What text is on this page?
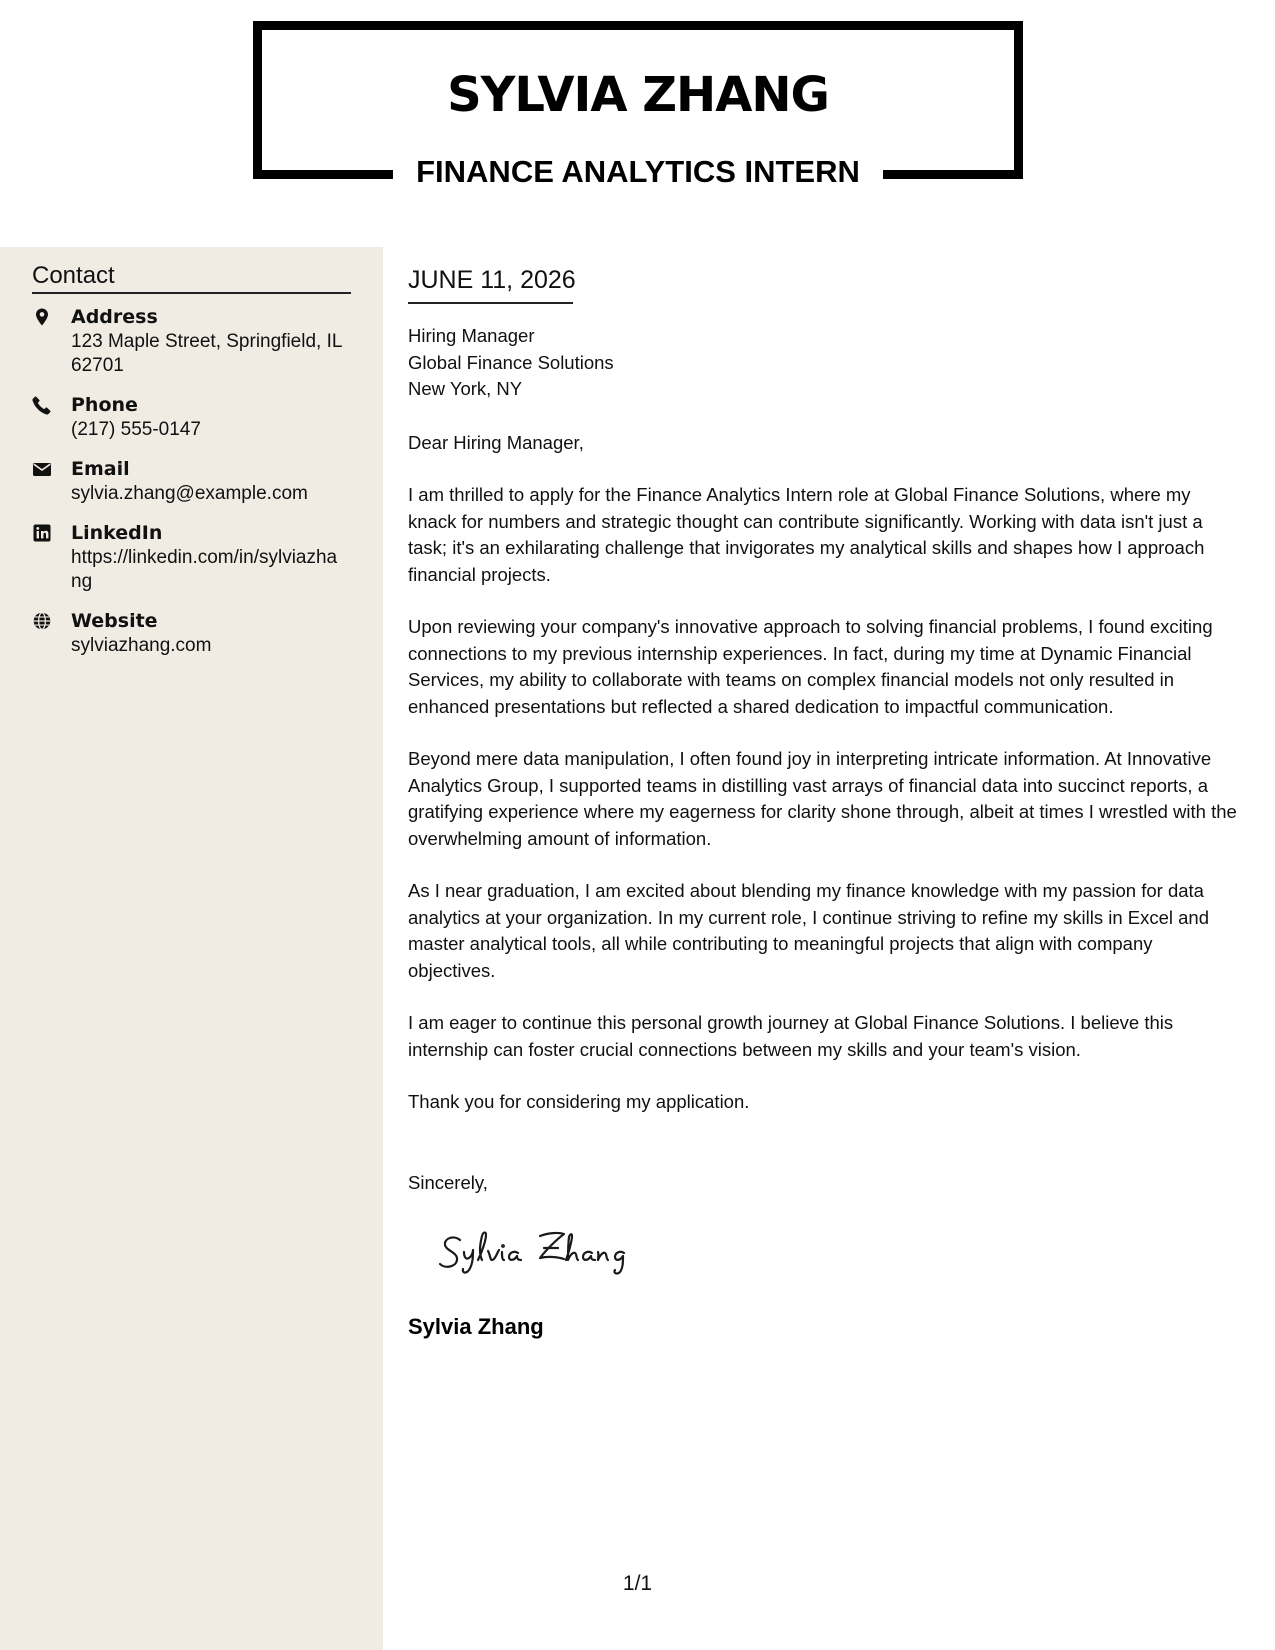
SYLVIA ZHANG
FINANCE ANALYTICS INTERN
Contact
Address
123 Maple Street, Springfield, IL 62701
Phone
(217) 555-0147
Email
sylvia.zhang@example.com
LinkedIn
https://linkedin.com/in/sylviazhang
Website
sylviazhang.com
JUNE 11, 2026
Hiring Manager
Global Finance Solutions
New York, NY
Dear Hiring Manager,

I am thrilled to apply for the Finance Analytics Intern role at Global Finance Solutions, where my knack for numbers and strategic thought can contribute significantly. Working with data isn't just a task; it's an exhilarating challenge that invigorates my analytical skills and shapes how I approach financial projects.

Upon reviewing your company's innovative approach to solving financial problems, I found exciting connections to my previous internship experiences. In fact, during my time at Dynamic Financial Services, my ability to collaborate with teams on complex financial models not only resulted in enhanced presentations but reflected a shared dedication to impactful communication.

Beyond mere data manipulation, I often found joy in interpreting intricate information. At Innovative Analytics Group, I supported teams in distilling vast arrays of financial data into succinct reports, a gratifying experience where my eagerness for clarity shone through, albeit at times I wrestled with the overwhelming amount of information.

As I near graduation, I am excited about blending my finance knowledge with my passion for data analytics at your organization. In my current role, I continue striving to refine my skills in Excel and master analytical tools, all while contributing to meaningful projects that align with company objectives.

I am eager to continue this personal growth journey at Global Finance Solutions. I believe this internship can foster crucial connections between my skills and your team's vision.

Thank you for considering my application.

Sincerely,
Sylvia Zhang
1/1
